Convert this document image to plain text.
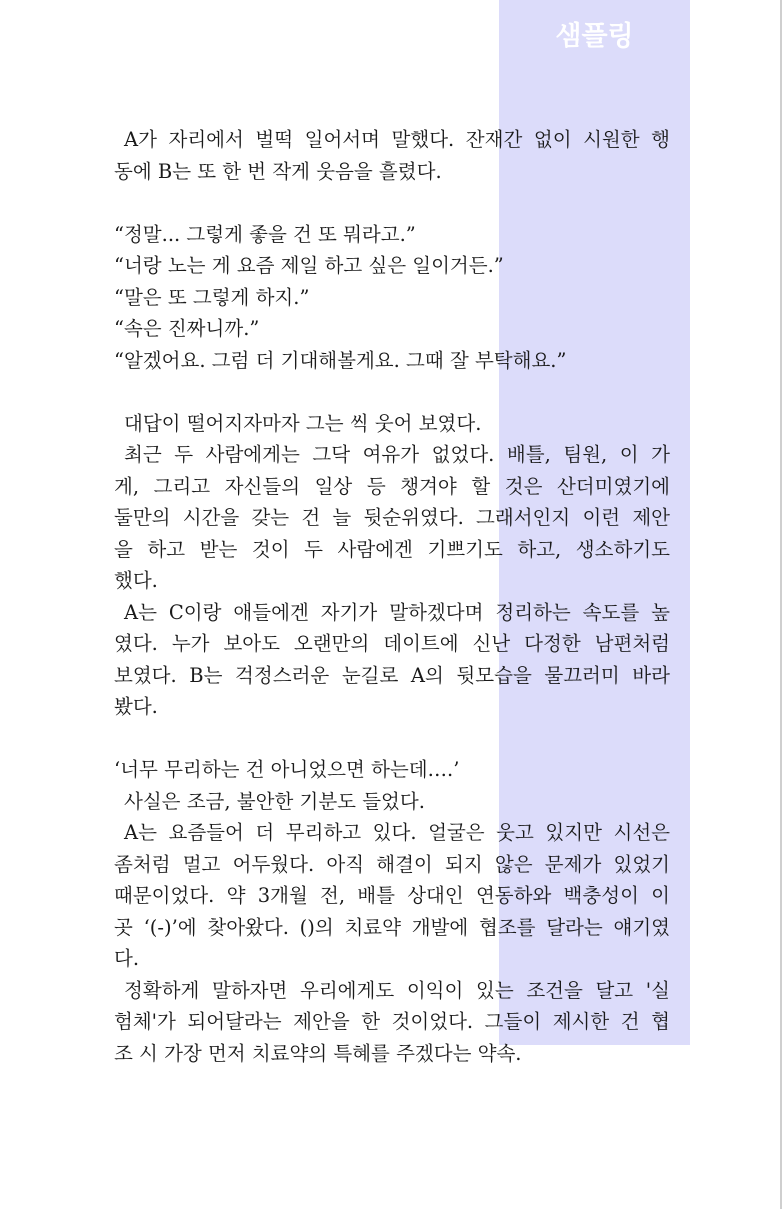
샘플링
A가 자리에서 벌떡 일어서며 말했다. 잔재간 없이 시원한 행
동에 B는 또 한 번 작게 웃음을 흘렸다.
“정말... 그렇게 좋을 건 또 뭐라고.”
“너랑 노는 게 요즘 제일 하고 싶은 일이거든.”
“말은 또 그렇게 하지.”
“속은 진짜니까.”
“알겠어요. 그럼 더 기대해볼게요. 그때 잘 부탁해요.”
대답이 떨어지자마자 그는 씩 웃어 보였다.
최근 두 사람에게는 그닥 여유가 없었다. 배틀, 팀원, 이 가
게, 그리고 자신들의 일상 등 챙겨야 할 것은 산더미였기에
둘만의 시간을 갖는 건 늘 뒷순위였다. 그래서인지 이런 제안
을 하고 받는 것이 두 사람에겐 기쁘기도 하고, 생소하기도
했다.
A는 C이랑 애들에겐 자기가 말하겠다며 정리하는 속도를 높
였다. 누가 보아도 오랜만의 데이트에 신난 다정한 남편처럼
보였다. B는 걱정스러운 눈길로 A의 뒷모습을 물끄러미 바라
봤다.
‘너무 무리하는 건 아니었으면 하는데….’
사실은 조금, 불안한 기분도 들었다.
A는 요즘들어 더 무리하고 있다. 얼굴은 웃고 있지만 시선은
좀처럼 멀고 어두웠다. 아직 해결이 되지 않은 문제가 있었기
때문이었다. 약 3개월 전, 배틀 상대인 연동하와 백충성이 이
곳 ‘(-)’에 찾아왔다. ()의 치료약 개발에 협조를 달라는 얘기였
다.
정확하게 말하자면 우리에게도 이익이 있는 조건을 달고 '실
험체'가 되어달라는 제안을 한 것이었다. 그들이 제시한 건 협
조 시 가장 먼저 치료약의 특혜를 주겠다는 약속.
